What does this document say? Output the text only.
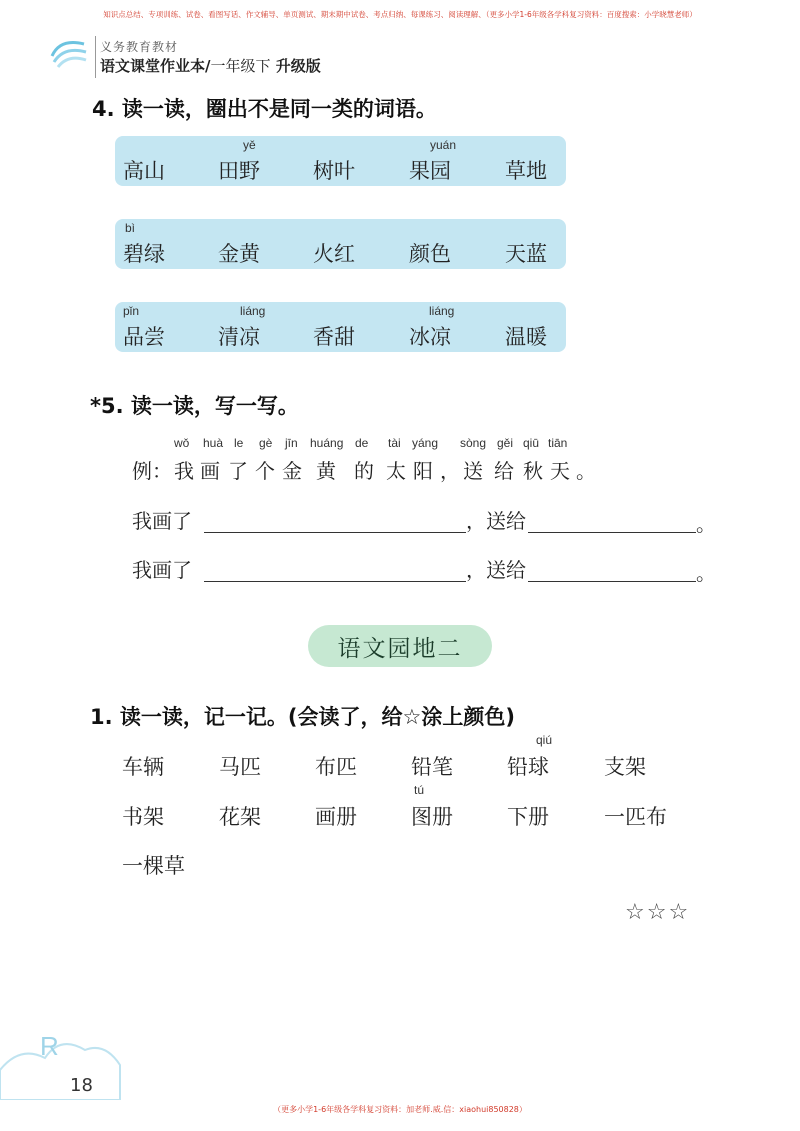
知识点总结、专项训练、试卷、看图写话、作文辅导、单页测试、期末期中试卷、考点归纳、每课练习、阅读理解、（更多小学1-6年级各学科复习资料：百度搜索：小学晓慧老师）
义务教育教材
语文课堂作业本/一年级下 升级版
4. 读一读，圈出不是同一类的词语。
yě	yuán
高山	田野	树叶	果园	草地
bì
碧绿	金黄	火红	颜色	天蓝
pǐn	liáng	liáng
品尝	清凉	香甜	冰凉	温暖
*5. 读一读，写一写。
wǒ huà le gè jīn huáng de tài yáng sòng gěi qiū tiān
例： 我 画 了 个 金 黄 的 太 阳 ， 送 给 秋 天 。
我画了	，送给	。
我画了	，送给	。
语文园地二
1. 读一读，记一记。(会读了，给☆涂上颜色)
qiú
tú
车辆	马匹	布匹	铅笔	铅球	支架
书架	花架	画册	图册	下册	一匹布
一棵草
☆☆☆
R
18
（更多小学1-6年级各学科复习资料：加老师.威.信：xiaohui850828）
